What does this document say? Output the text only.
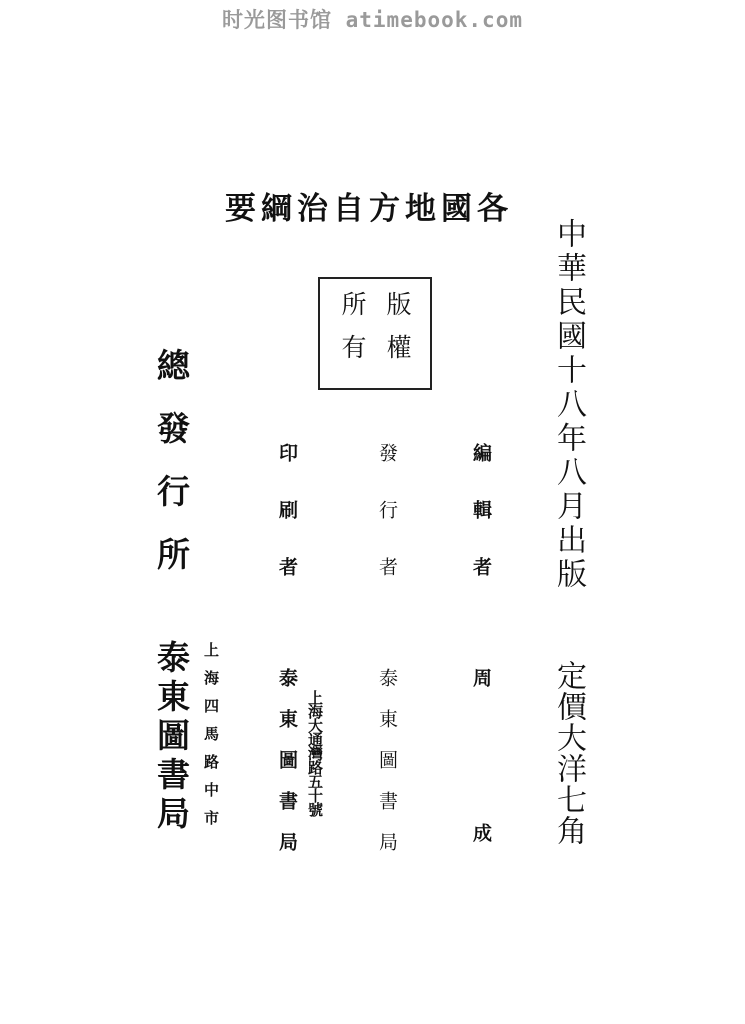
时光图书馆 atimebook.com
各國地方自治綱要
中華民國十八年八月出版
定價大洋七角
版權
所有
編輯者
發行者
印刷者
周成
泰東圖書局
泰東圖書局 上海大通灣路五十號
總發行所
泰東圖書局 上海四馬路中市
